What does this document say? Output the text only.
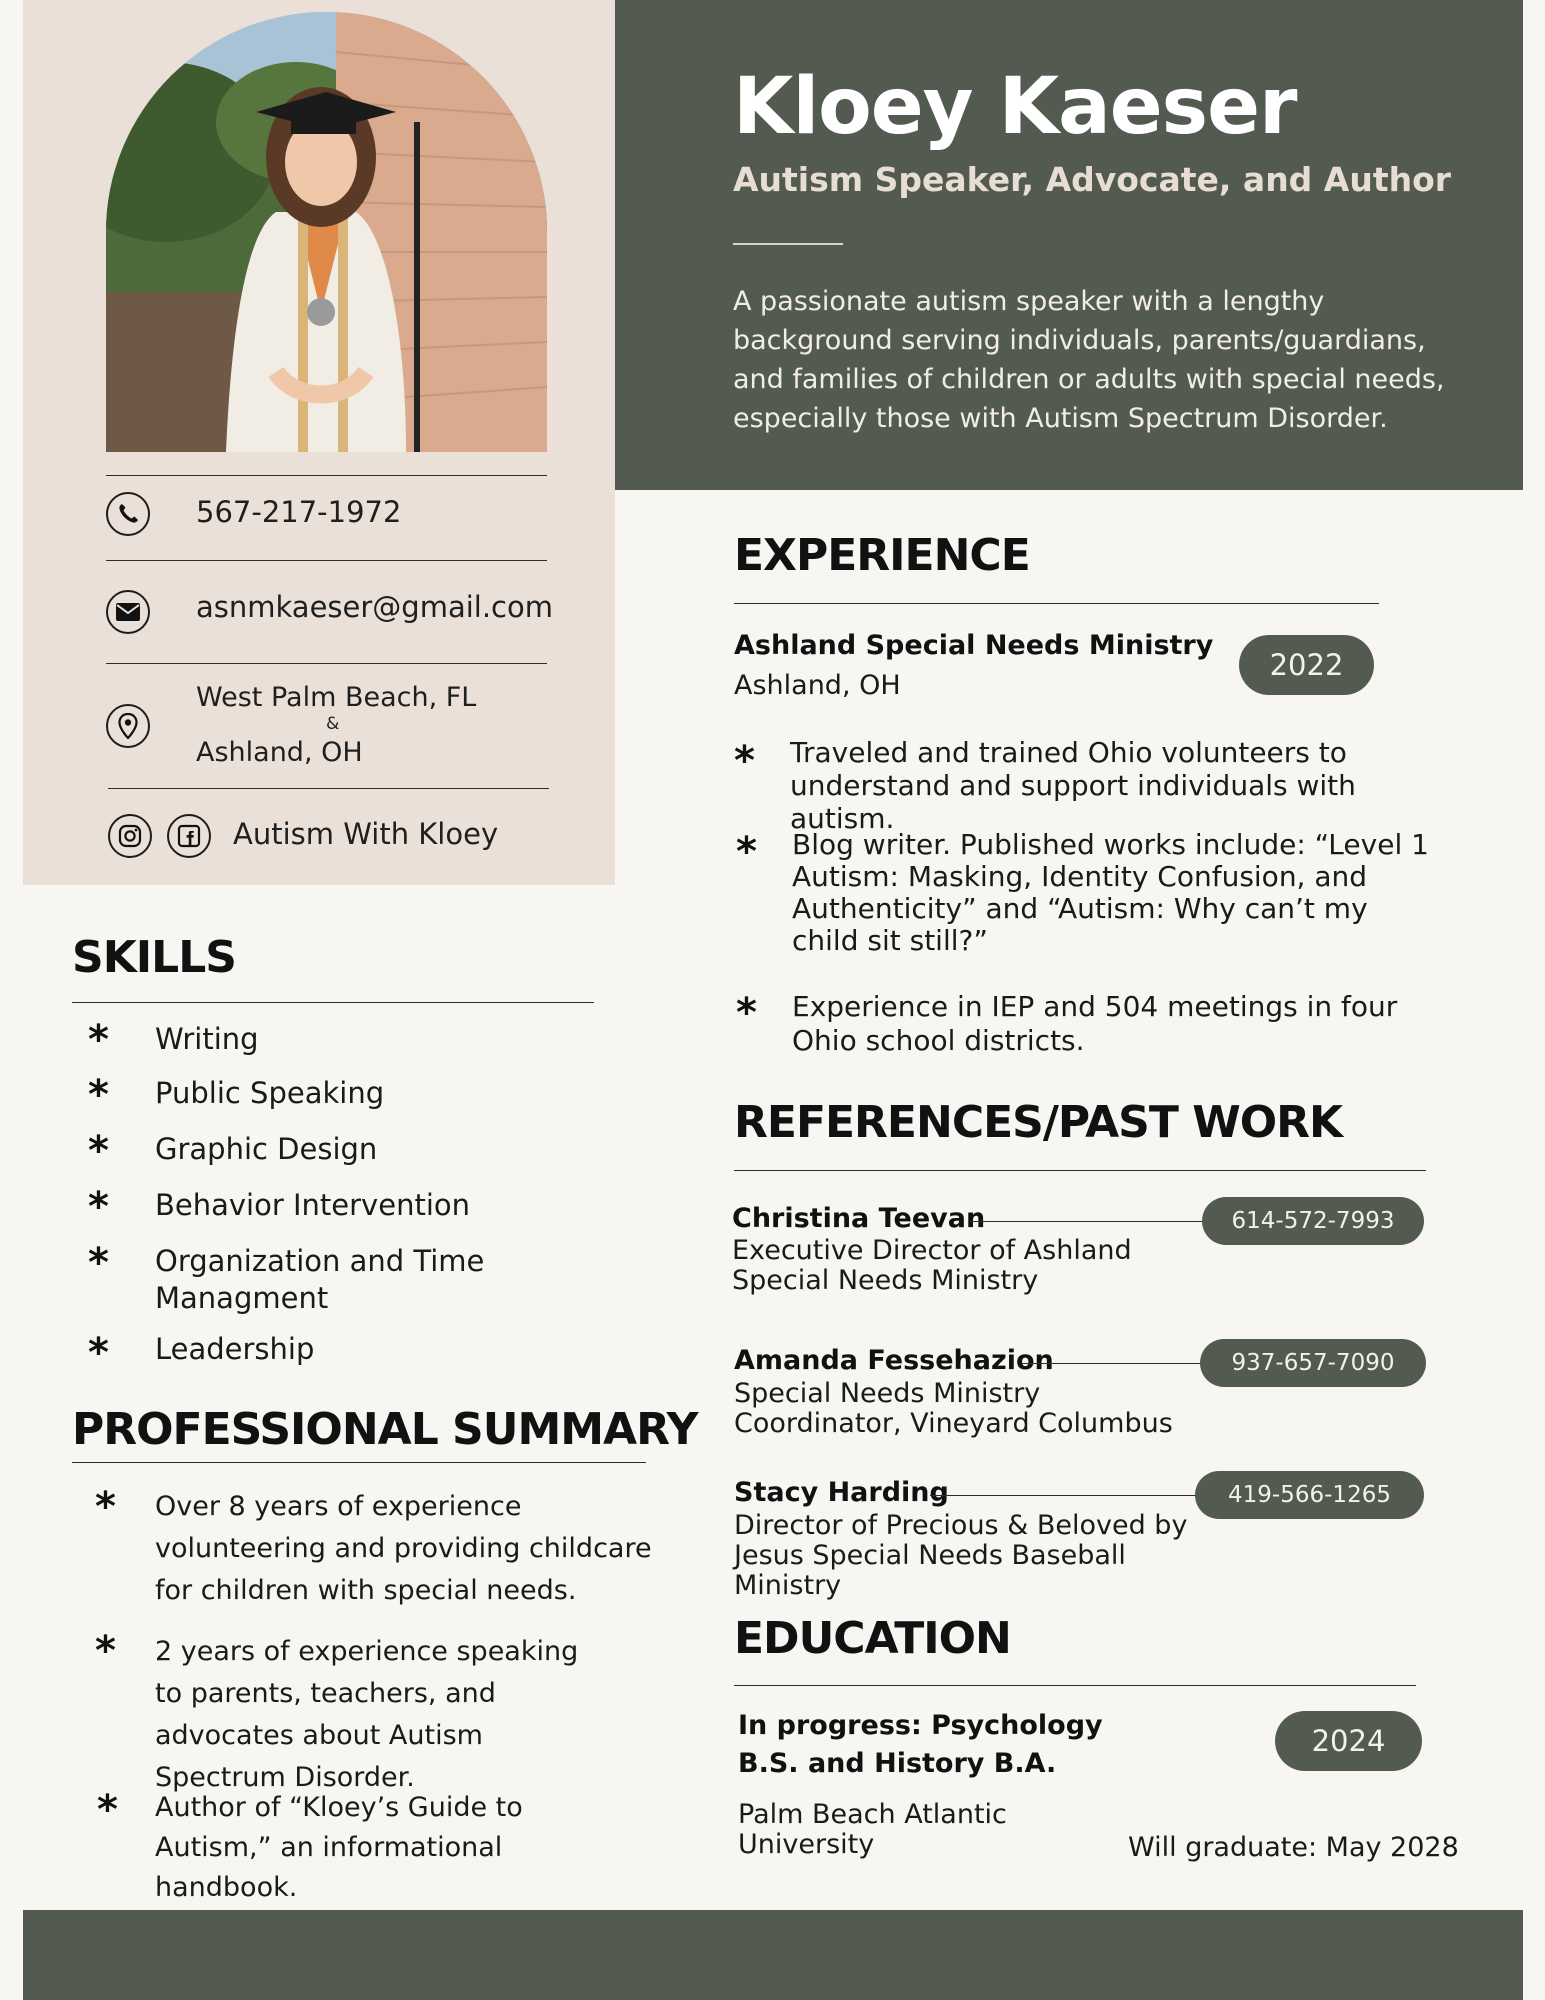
567-217-1972
asnmkaeser@gmail.com
West Palm Beach, FL
&
Ashland, OH
Autism With Kloey
Kloey Kaeser
Autism Speaker, Advocate, and Author
A passionate autism speaker with a lengthy background serving individuals, parents/guardians, and families of children or adults with special needs, especially those with Autism Spectrum Disorder.
SKILLS
* Writing
* Public Speaking
* Graphic Design
* Behavior Intervention
* Organization and Time Managment
* Leadership
PROFESSIONAL SUMMARY
* Over 8 years of experience volunteering and providing childcare for children with special needs.
* 2 years of experience speaking to parents, teachers, and advocates about Autism Spectrum Disorder.
* Author of “Kloey’s Guide to Autism,” an informational handbook.
EXPERIENCE
Ashland Special Needs Ministry
Ashland, OH
2022
* Traveled and trained Ohio volunteers to understand and support individuals with autism.
* Blog writer. Published works include: “Level 1 Autism: Masking, Identity Confusion, and Authenticity” and “Autism: Why can’t my child sit still?”
* Experience in IEP and 504 meetings in four Ohio school districts.
REFERENCES/PAST WORK
Christina Teevan	614-572-7993
Executive Director of Ashland Special Needs Ministry
Amanda Fessehazion	937-657-7090
Special Needs Ministry Coordinator, Vineyard Columbus
Stacy Harding	419-566-1265
Director of Precious & Beloved by Jesus Special Needs Baseball Ministry
EDUCATION
In progress: Psychology B.S. and History B.A.
2024
Palm Beach Atlantic University	Will graduate: May 2028
